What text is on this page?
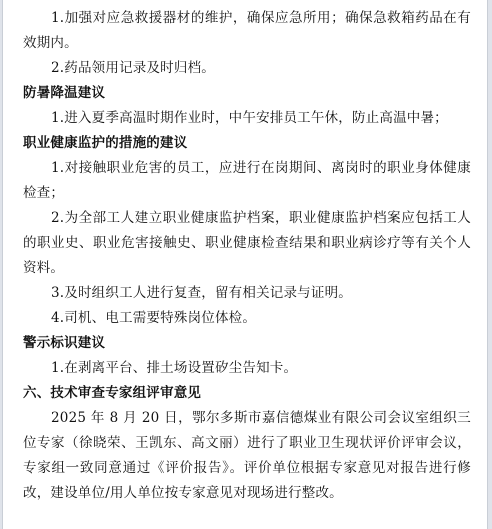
1.加强对应急救援器材的维护，确保应急所用；确保急救箱药品在有效期内。

2.药品领用记录及时归档。

防暑降温建议

1.进入夏季高温时期作业时，中午安排员工午休，防止高温中暑；

职业健康监护的措施的建议

1.对接触职业危害的员工，应进行在岗期间、离岗时的职业身体健康检查；

2.为全部工人建立职业健康监护档案，职业健康监护档案应包括工人的职业史、职业危害接触史、职业健康检查结果和职业病诊疗等有关个人资料。

3.及时组织工人进行复查，留有相关记录与证明。

4.司机、电工需要特殊岗位体检。

警示标识建议

1.在剥离平台、排土场设置矽尘告知卡。

六、技术审查专家组评审意见

2025 年 8 月 20 日，鄂尔多斯市嘉信德煤业有限公司会议室组织三位专家（徐晓荣、王凯东、高文丽）进行了职业卫生现状评价评审会议，专家组一致同意通过《评价报告》。评价单位根据专家意见对报告进行修改，建设单位/用人单位按专家意见对现场进行整改。
